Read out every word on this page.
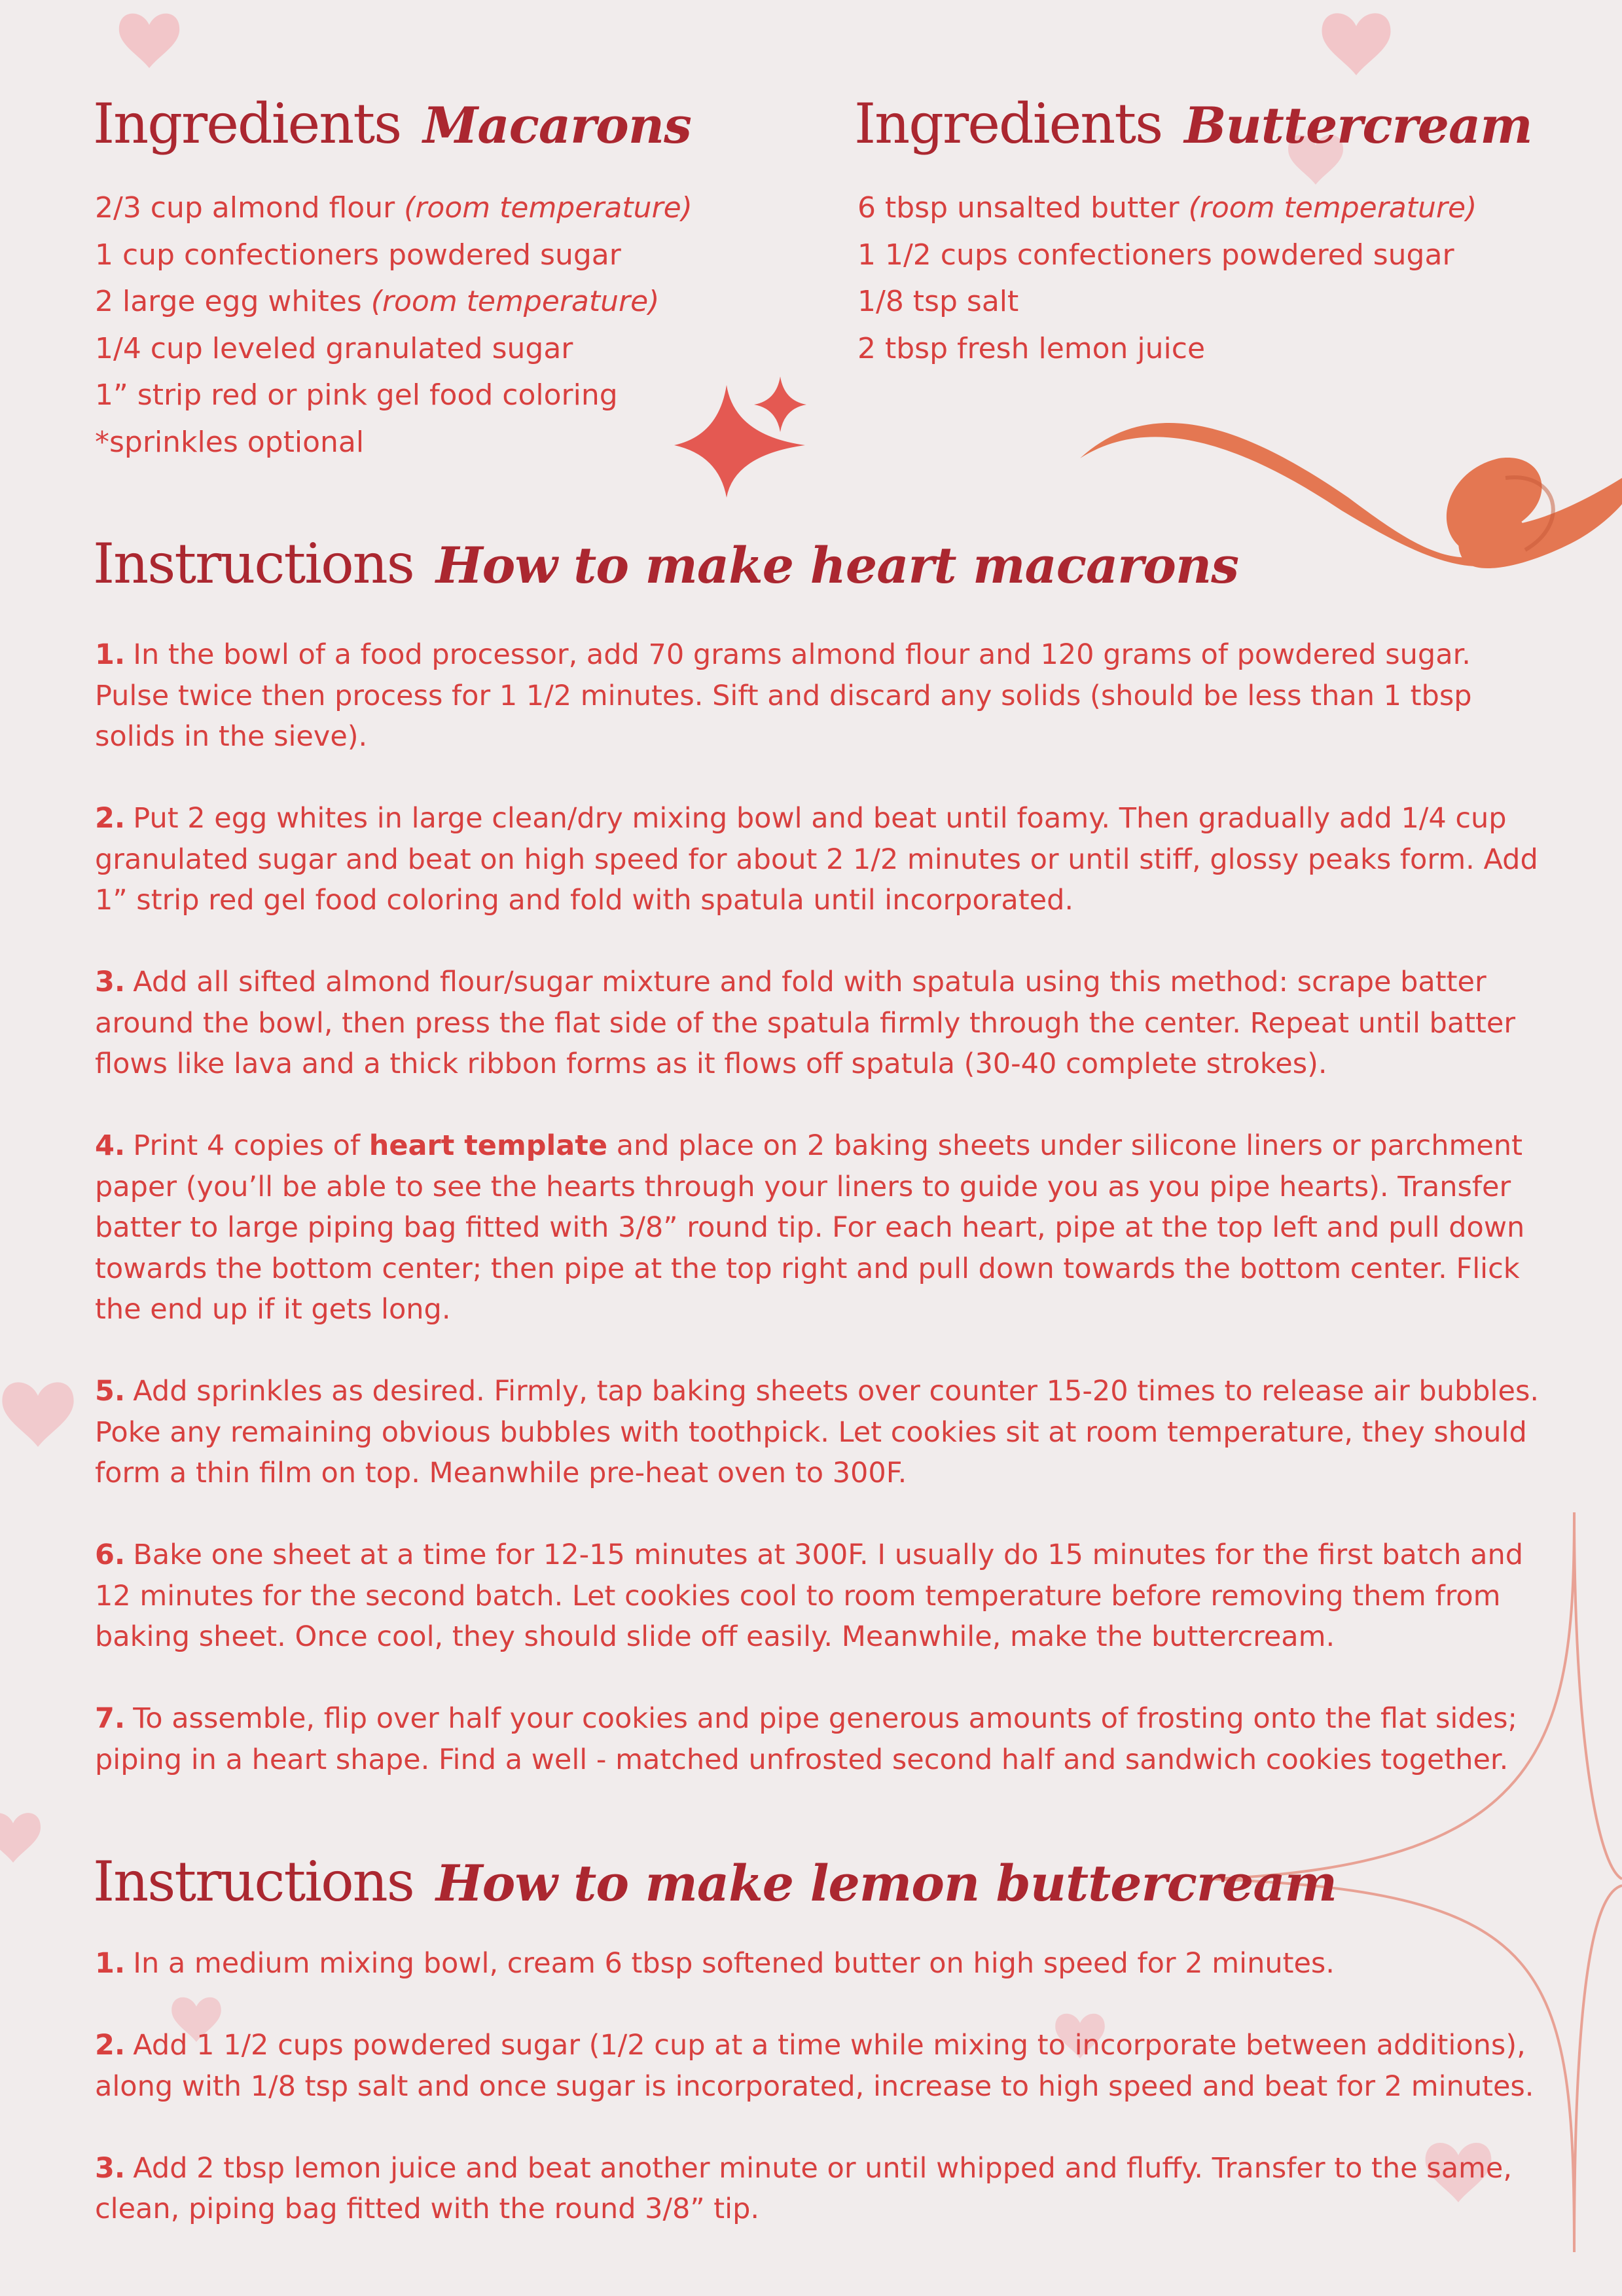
Ingredients Macarons
2/3 cup almond flour (room temperature)
1 cup confectioners powdered sugar
2 large egg whites (room temperature)
1/4 cup leveled granulated sugar
1” strip red or pink gel food coloring
*sprinkles optional
Ingredients Buttercream
6 tbsp unsalted butter (room temperature)
1 1/2 cups confectioners powdered sugar
1/8 tsp salt
2 tbsp fresh lemon juice
Instructions How to make heart macarons

1. In the bowl of a food processor, add 70 grams almond flour and 120 grams of powdered sugar. Pulse twice then process for 1 1/2 minutes. Sift and discard any solids (should be less than 1 tbsp solids in the sieve).

2. Put 2 egg whites in large clean/dry mixing bowl and beat until foamy. Then gradually add 1/4 cup granulated sugar and beat on high speed for about 2 1/2 minutes or until stiff, glossy peaks form. Add 1” strip red gel food coloring and fold with spatula until incorporated.

3. Add all sifted almond flour/sugar mixture and fold with spatula using this method: scrape batter around the bowl, then press the flat side of the spatula firmly through the center. Repeat until batter flows like lava and a thick ribbon forms as it flows off spatula (30-40 complete strokes).

4. Print 4 copies of heart template and place on 2 baking sheets under silicone liners or parchment paper (you’ll be able to see the hearts through your liners to guide you as you pipe hearts). Transfer batter to large piping bag fitted with 3/8” round tip. For each heart, pipe at the top left and pull down towards the bottom center; then pipe at the top right and pull down towards the bottom center. Flick the end up if it gets long.

5. Add sprinkles as desired. Firmly, tap baking sheets over counter 15-20 times to release air bubbles. Poke any remaining obvious bubbles with toothpick. Let cookies sit at room temperature, they should form a thin film on top. Meanwhile pre-heat oven to 300F.

6. Bake one sheet at a time for 12-15 minutes at 300F. I usually do 15 minutes for the first batch and 12 minutes for the second batch. Let cookies cool to room temperature before removing them from baking sheet. Once cool, they should slide off easily. Meanwhile, make the buttercream.

7. To assemble, flip over half your cookies and pipe generous amounts of frosting onto the flat sides; piping in a heart shape. Find a well - matched unfrosted second half and sandwich cookies together.

Instructions How to make lemon buttercream

1. In a medium mixing bowl, cream 6 tbsp softened butter on high speed for 2 minutes.

2. Add 1 1/2 cups powdered sugar (1/2 cup at a time while mixing to incorporate between additions), along with 1/8 tsp salt and once sugar is incorporated, increase to high speed and beat for 2 minutes.

3. Add 2 tbsp lemon juice and beat another minute or until whipped and fluffy. Transfer to the same, clean, piping bag fitted with the round 3/8” tip.
